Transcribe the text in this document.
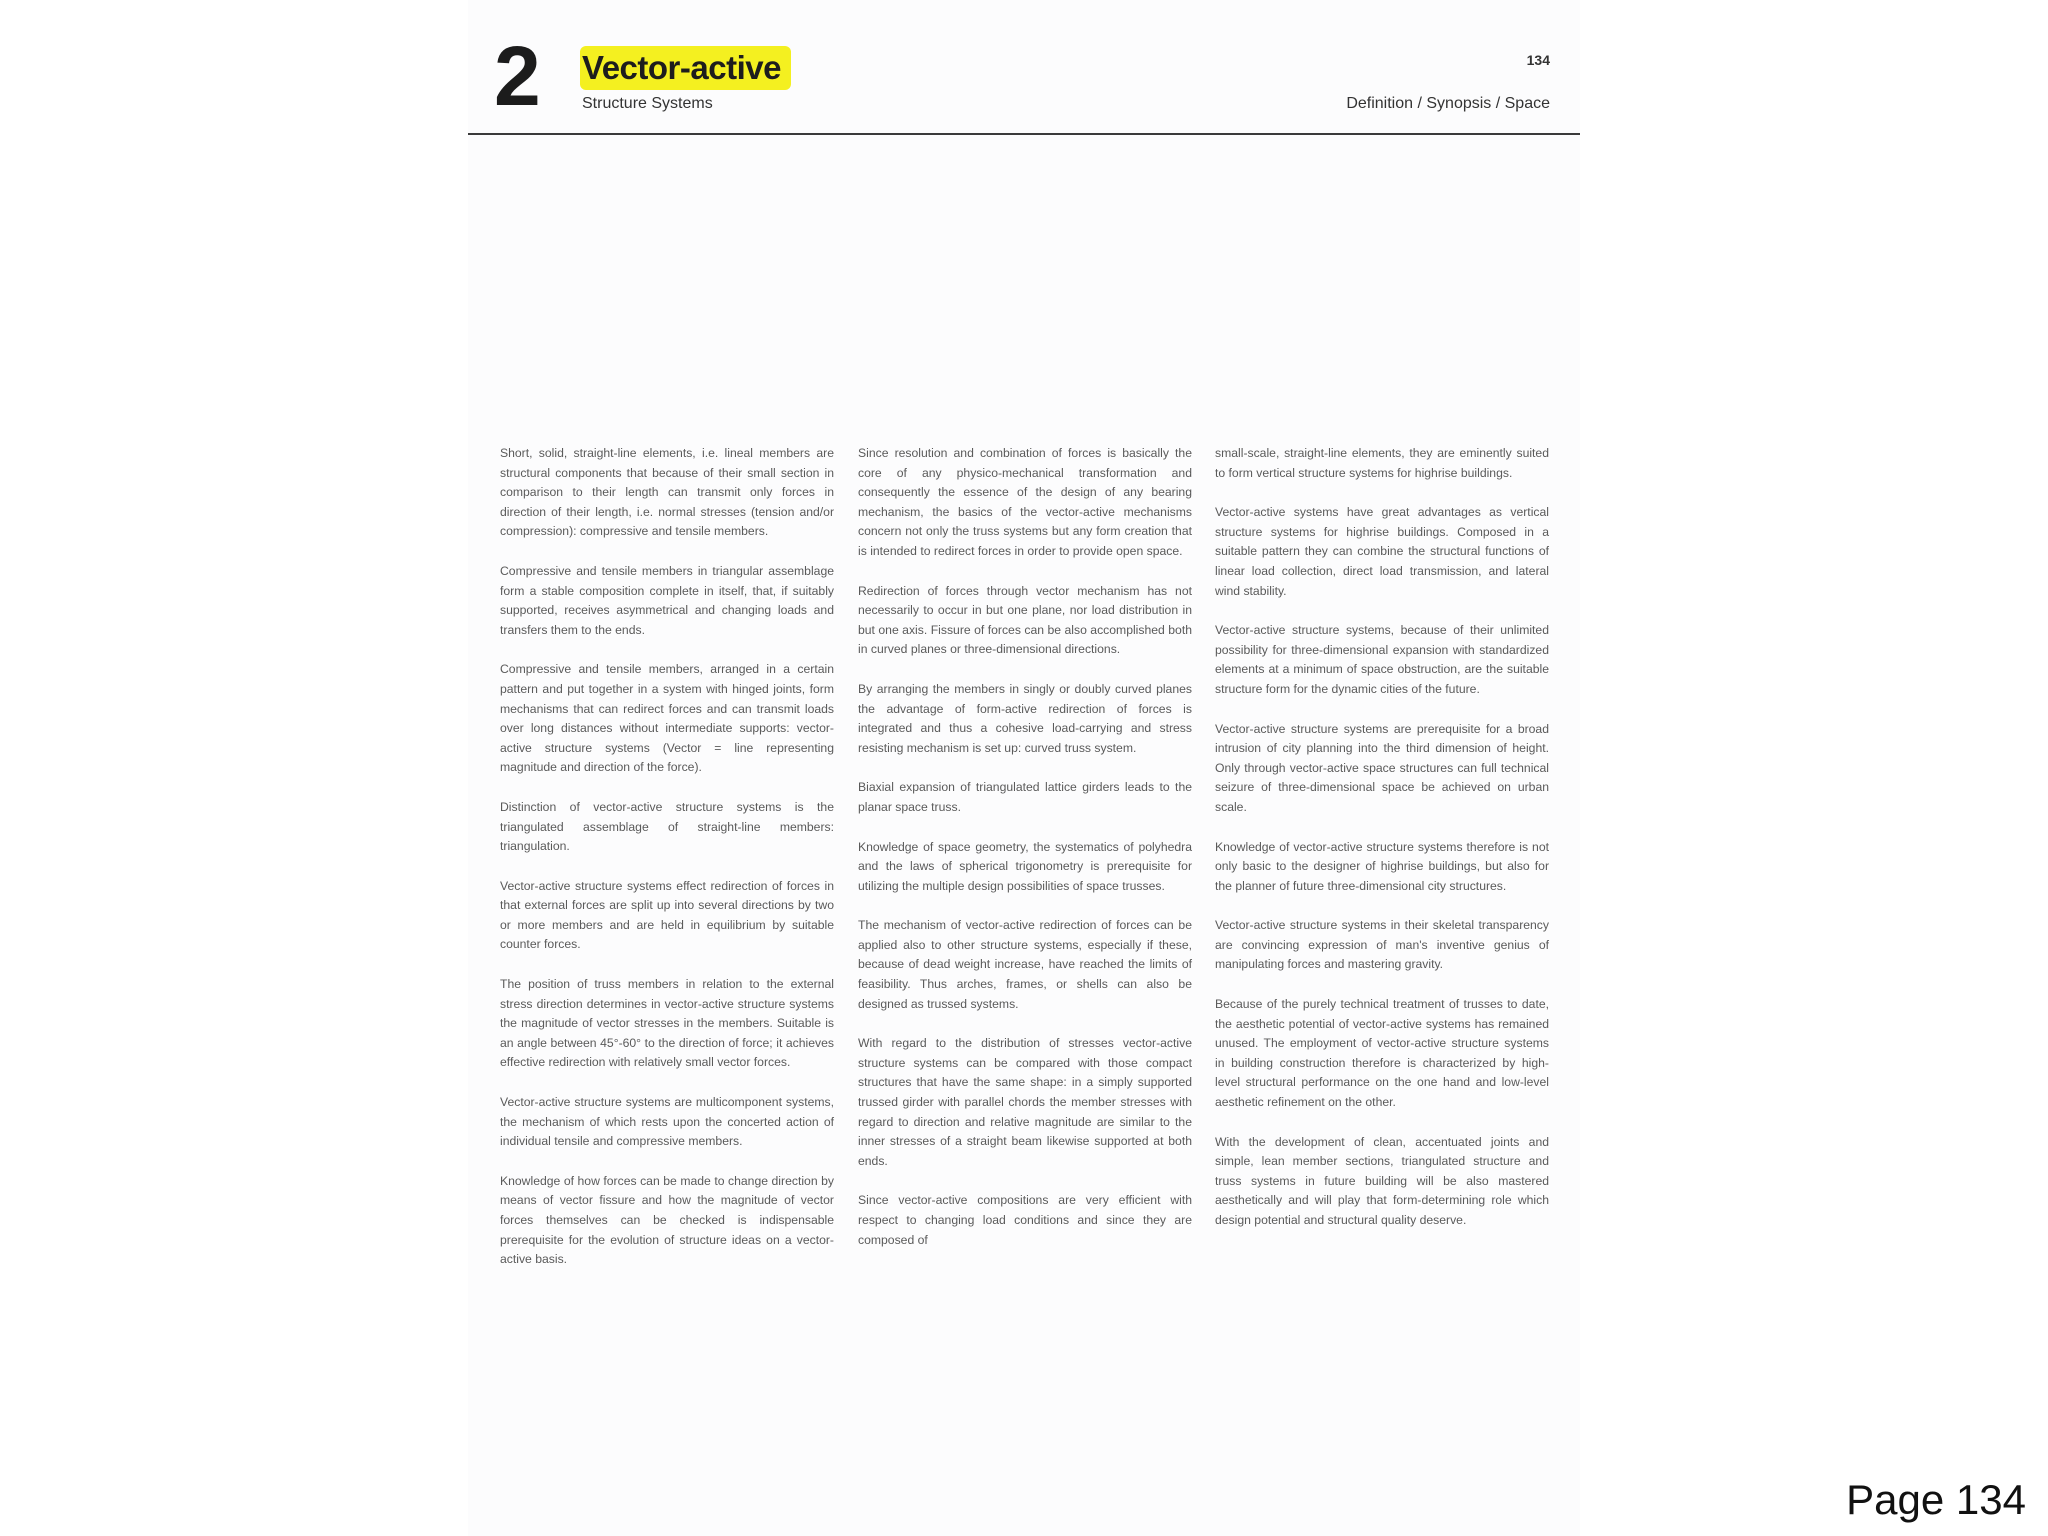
2 Vector-active
Structure Systems
134
Definition / Synopsis / Space

Short, solid, straight-line elements, i.e. lineal members are structural components that because of their small section in comparison to their length can transmit only forces in direction of their length, i.e. normal stresses (tension and/or compression): compressive and tensile members.

Compressive and tensile members in triangular assemblage form a stable composition complete in itself, that, if suitably supported, receives asymmetrical and changing loads and transfers them to the ends.

Compressive and tensile members, arranged in a certain pattern and put together in a system with hinged joints, form mechanisms that can redirect forces and can transmit loads over long distances without intermediate supports: vector-active structure systems (Vector = line representing magnitude and direction of the force).

Distinction of vector-active structure systems is the triangulated assemblage of straight-line members: triangulation.

Vector-active structure systems effect redirection of forces in that external forces are split up into several directions by two or more members and are held in equilibrium by suitable counter forces.

The position of truss members in relation to the external stress direction determines in vector-active structure systems the magnitude of vector stresses in the members. Suitable is an angle between 45°-60° to the direction of force; it achieves effective redirection with relatively small vector forces.

Vector-active structure systems are multicomponent systems, the mechanism of which rests upon the concerted action of individual tensile and compressive members.

Knowledge of how forces can be made to change direction by means of vector fissure and how the magnitude of vector forces themselves can be checked is indispensable prerequisite for the evolution of structure ideas on a vector-active basis.

Since resolution and combination of forces is basically the core of any physico-mechanical transformation and consequently the essence of the design of any bearing mechanism, the basics of the vector-active mechanisms concern not only the truss systems but any form creation that is intended to redirect forces in order to provide open space.

Redirection of forces through vector mechanism has not necessarily to occur in but one plane, nor load distribution in but one axis. Fissure of forces can be also accomplished both in curved planes or three-dimensional directions.

By arranging the members in singly or doubly curved planes the advantage of form-active redirection of forces is integrated and thus a cohesive load-carrying and stress resisting mechanism is set up: curved truss system.

Biaxial expansion of triangulated lattice girders leads to the planar space truss.

Knowledge of space geometry, the systematics of polyhedra and the laws of spherical trigonometry is prerequisite for utilizing the multiple design possibilities of space trusses.

The mechanism of vector-active redirection of forces can be applied also to other structure systems, especially if these, because of dead weight increase, have reached the limits of feasibility. Thus arches, frames, or shells can also be designed as trussed systems.

With regard to the distribution of stresses vector-active structure systems can be compared with those compact structures that have the same shape: in a simply supported trussed girder with parallel chords the member stresses with regard to direction and relative magnitude are similar to the inner stresses of a straight beam likewise supported at both ends.

Since vector-active compositions are very efficient with respect to changing load conditions and since they are composed of

small-scale, straight-line elements, they are eminently suited to form vertical structure systems for highrise buildings.

Vector-active systems have great advantages as vertical structure systems for highrise buildings. Composed in a suitable pattern they can combine the structural functions of linear load collection, direct load transmission, and lateral wind stability.

Vector-active structure systems, because of their unlimited possibility for three-dimensional expansion with standardized elements at a minimum of space obstruction, are the suitable structure form for the dynamic cities of the future.

Vector-active structure systems are prerequisite for a broad intrusion of city planning into the third dimension of height. Only through vector-active space structures can full technical seizure of three-dimensional space be achieved on urban scale.

Knowledge of vector-active structure systems therefore is not only basic to the designer of highrise buildings, but also for the planner of future three-dimensional city structures.

Vector-active structure systems in their skeletal transparency are convincing expression of man's inventive genius of manipulating forces and mastering gravity.

Because of the purely technical treatment of trusses to date, the aesthetic potential of vector-active systems has remained unused. The employment of vector-active structure systems in building construction therefore is characterized by high-level structural performance on the one hand and low-level aesthetic refinement on the other.

With the development of clean, accentuated joints and simple, lean member sections, triangulated structure and truss systems in future building will be also mastered aesthetically and will play that form-determining role which design potential and structural quality deserve.

Page 134
